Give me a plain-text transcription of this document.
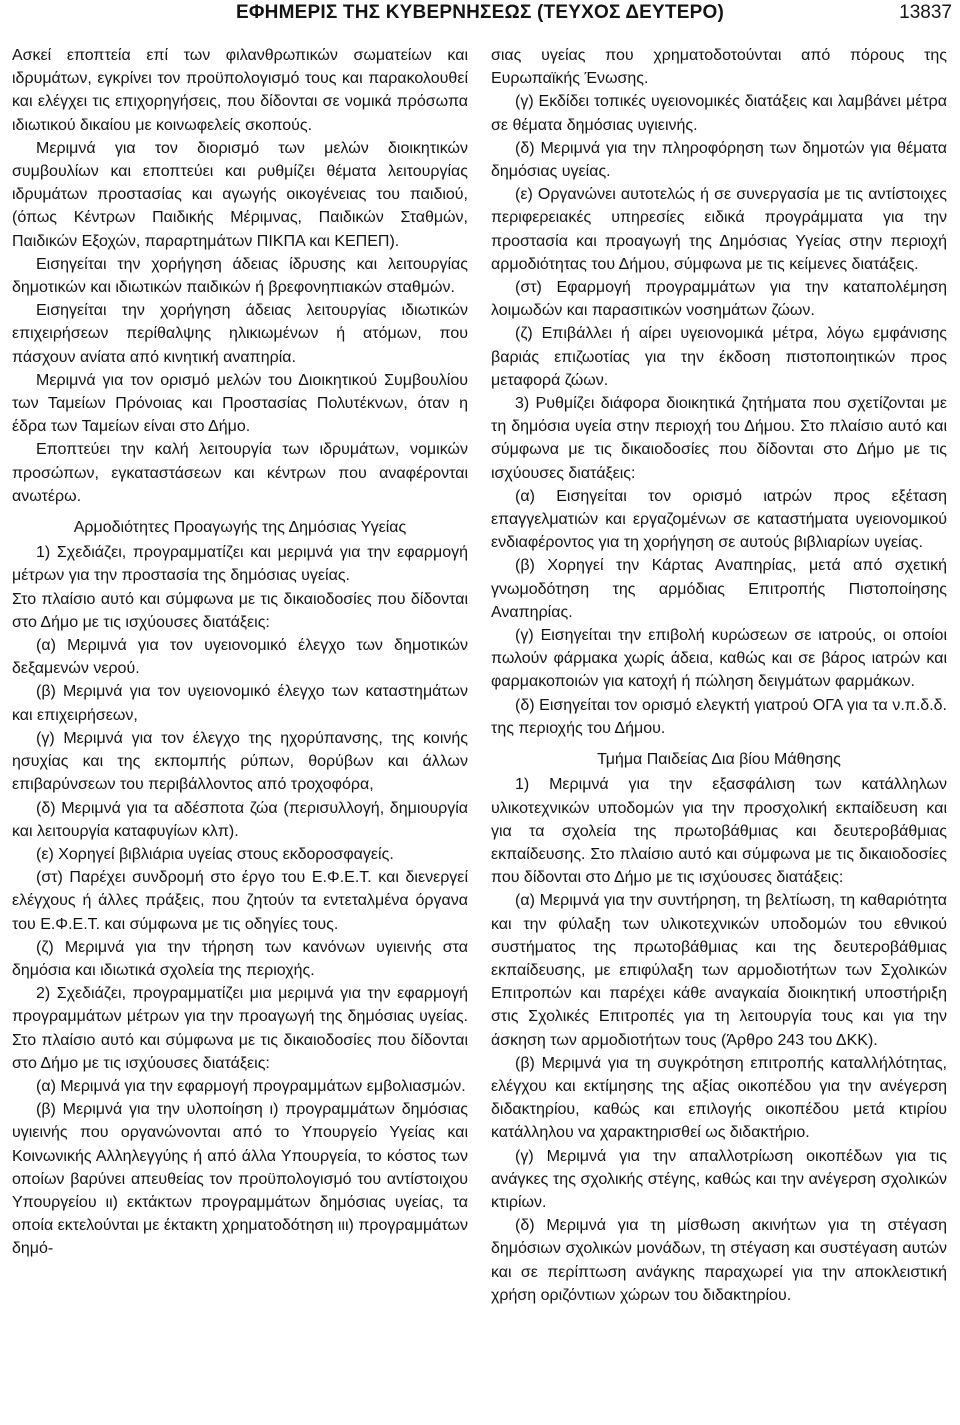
ΕΦΗΜΕΡΙΣ ΤΗΣ ΚΥΒΕΡΝΗΣΕΩΣ (ΤΕΥΧΟΣ ΔΕΥΤΕΡΟ)	13837

Ασκεί εποπτεία επί των φιλανθρωπικών σωματείων και ιδρυμάτων, εγκρίνει τον προϋπολογισμό τους και παρακολουθεί και ελέγχει τις επιχορηγήσεις, που δίδονται σε νομικά πρόσωπα ιδιωτικού δικαίου με κοινωφελείς σκοπούς.

Μεριμνά για τον διορισμό των μελών διοικητικών συμβουλίων και εποπτεύει και ρυθμίζει θέματα λειτουργίας ιδρυμάτων προστασίας και αγωγής οικογένειας του παιδιού, (όπως Κέντρων Παιδικής Μέριμνας, Παιδικών Σταθμών, Παιδικών Εξοχών, παραρτημάτων ΠΙΚΠΑ και ΚΕΠΕΠ).

Εισηγείται την χορήγηση άδειας ίδρυσης και λειτουργίας δημοτικών και ιδιωτικών παιδικών ή βρεφονηπιακών σταθμών.

Εισηγείται την χορήγηση άδειας λειτουργίας ιδιωτικών επιχειρήσεων περίθαλψης ηλικιωμένων ή ατόμων, που πάσχουν ανίατα από κινητική αναπηρία.

Μεριμνά για τον ορισμό μελών του Διοικητικού Συμβουλίου των Ταμείων Πρόνοιας και Προστασίας Πολυτέκνων, όταν η έδρα των Ταμείων είναι στο Δήμο.

Εποπτεύει την καλή λειτουργία των ιδρυμάτων, νομικών προσώπων, εγκαταστάσεων και κέντρων που αναφέρονται ανωτέρω.

Αρμοδιότητες Προαγωγής της Δημόσιας Υγείας

1) Σχεδιάζει, προγραμματίζει και μεριμνά για την εφαρμογή μέτρων για την προστασία της δημόσιας υγείας.

Στο πλαίσιο αυτό και σύμφωνα με τις δικαιοδοσίες που δίδονται στο Δήμο με τις ισχύουσες διατάξεις:

(α) Μεριμνά για τον υγειονομικό έλεγχο των δημοτικών δεξαμενών νερού.

(β) Μεριμνά για τον υγειονομικό έλεγχο των καταστημάτων και επιχειρήσεων,

(γ) Μεριμνά για τον έλεγχο της ηχορύπανσης, της κοινής ησυχίας και της εκπομπής ρύπων, θορύβων και άλλων επιβαρύνσεων του περιβάλλοντος από τροχοφόρα,

(δ) Μεριμνά για τα αδέσποτα ζώα (περισυλλογή, δημιουργία και λειτουργία καταφυγίων κλπ).

(ε) Χορηγεί βιβλιάρια υγείας στους εκδοροσφαγείς.

(στ) Παρέχει συνδρομή στο έργο του Ε.Φ.Ε.Τ. και διενεργεί ελέγχους ή άλλες πράξεις, που ζητούν τα εντεταλμένα όργανα του Ε.Φ.Ε.Τ. και σύμφωνα με τις οδηγίες τους.

(ζ) Μεριμνά για την τήρηση των κανόνων υγιεινής στα δημόσια και ιδιωτικά σχολεία της περιοχής.

2) Σχεδιάζει, προγραμματίζει μια μεριμνά για την εφαρμογή προγραμμάτων μέτρων για την προαγωγή της δημόσιας υγείας. Στο πλαίσιο αυτό και σύμφωνα με τις δικαιοδοσίες που δίδονται στο Δήμο με τις ισχύουσες διατάξεις:

(α) Μεριμνά για την εφαρμογή προγραμμάτων εμβολιασμών.

(β) Μεριμνά για την υλοποίηση ι) προγραμμάτων δημόσιας υγιεινής που οργανώνονται από το Υπουργείο Υγείας και Κοινωνικής Αλληλεγγύης ή από άλλα Υπουργεία, το κόστος των οποίων βαρύνει απευθείας τον προϋπολογισμό του αντίστοιχου Υπουργείου ιι) εκτάκτων προγραμμάτων δημόσιας υγείας, τα οποία εκτελούνται με έκτακτη χρηματοδότηση ιιι) προγραμμάτων δημό-

σιας υγείας που χρηματοδοτούνται από πόρους της Ευρωπαϊκής Ένωσης.

(γ) Εκδίδει τοπικές υγειονομικές διατάξεις και λαμβάνει μέτρα σε θέματα δημόσιας υγιεινής.

(δ) Μεριμνά για την πληροφόρηση των δημοτών για θέματα δημόσιας υγείας.

(ε) Οργανώνει αυτοτελώς ή σε συνεργασία με τις αντίστοιχες περιφερειακές υπηρεσίες ειδικά προγράμματα για την προστασία και προαγωγή της Δημόσιας Υγείας στην περιοχή αρμοδιότητας του Δήμου, σύμφωνα με τις κείμενες διατάξεις.

(στ) Εφαρμογή προγραμμάτων για την καταπολέμηση λοιμωδών και παρασιτικών νοσημάτων ζώων.

(ζ) Επιβάλλει ή αίρει υγειονομικά μέτρα, λόγω εμφάνισης βαριάς επιζωοτίας για την έκδοση πιστοποιητικών προς μεταφορά ζώων.

3) Ρυθμίζει διάφορα διοικητικά ζητήματα που σχετίζονται με τη δημόσια υγεία στην περιοχή του Δήμου. Στο πλαίσιο αυτό και σύμφωνα με τις δικαιοδοσίες που δίδονται στο Δήμο με τις ισχύουσες διατάξεις:

(α) Εισηγείται τον ορισμό ιατρών προς εξέταση επαγγελματιών και εργαζομένων σε καταστήματα υγειονομικού ενδιαφέροντος για τη χορήγηση σε αυτούς βιβλιαρίων υγείας.

(β) Χορηγεί την Κάρτας Αναπηρίας, μετά από σχετική γνωμοδότηση της αρμόδιας Επιτροπής Πιστοποίησης Αναπηρίας.

(γ) Εισηγείται την επιβολή κυρώσεων σε ιατρούς, οι οποίοι πωλούν φάρμακα χωρίς άδεια, καθώς και σε βάρος ιατρών και φαρμακοποιών για κατοχή ή πώληση δειγμάτων φαρμάκων.

(δ) Εισηγείται τον ορισμό ελεγκτή γιατρού ΟΓΑ για τα ν.π.δ.δ. της περιοχής του Δήμου.

Τμήμα Παιδείας Δια βίου Μάθησης

1) Μεριμνά για την εξασφάλιση των κατάλληλων υλικοτεχνικών υποδομών για την προσχολική εκπαίδευση και για τα σχολεία της πρωτοβάθμιας και δευτεροβάθμιας εκπαίδευσης. Στο πλαίσιο αυτό και σύμφωνα με τις δικαιοδοσίες που δίδονται στο Δήμο με τις ισχύουσες διατάξεις:

(α) Μεριμνά για την συντήρηση, τη βελτίωση, τη καθαριότητα και την φύλαξη των υλικοτεχνικών υποδομών του εθνικού συστήματος της πρωτοβάθμιας και της δευτεροβάθμιας εκπαίδευσης, με επιφύλαξη των αρμοδιοτήτων των Σχολικών Επιτροπών και παρέχει κάθε αναγκαία διοικητική υποστήριξη στις Σχολικές Επιτροπές για τη λειτουργία τους και για την άσκηση των αρμοδιοτήτων τους (Άρθρο 243 του ΔΚΚ).

(β) Μεριμνά για τη συγκρότηση επιτροπής καταλλήλότητας, ελέγχου και εκτίμησης της αξίας οικοπέδου για την ανέγερση διδακτηρίου, καθώς και επιλογής οικοπέδου μετά κτιρίου κατάλληλου να χαρακτηρισθεί ως διδακτήριο.

(γ) Μεριμνά για την απαλλοτρίωση οικοπέδων για τις ανάγκες της σχολικής στέγης, καθώς και την ανέγερση σχολικών κτιρίων.

(δ) Μεριμνά για τη μίσθωση ακινήτων για τη στέγαση δημόσιων σχολικών μονάδων, τη στέγαση και συστέγαση αυτών και σε περίπτωση ανάγκης παραχωρεί για την αποκλειστική χρήση οριζόντιων χώρων του διδακτηρίου.
